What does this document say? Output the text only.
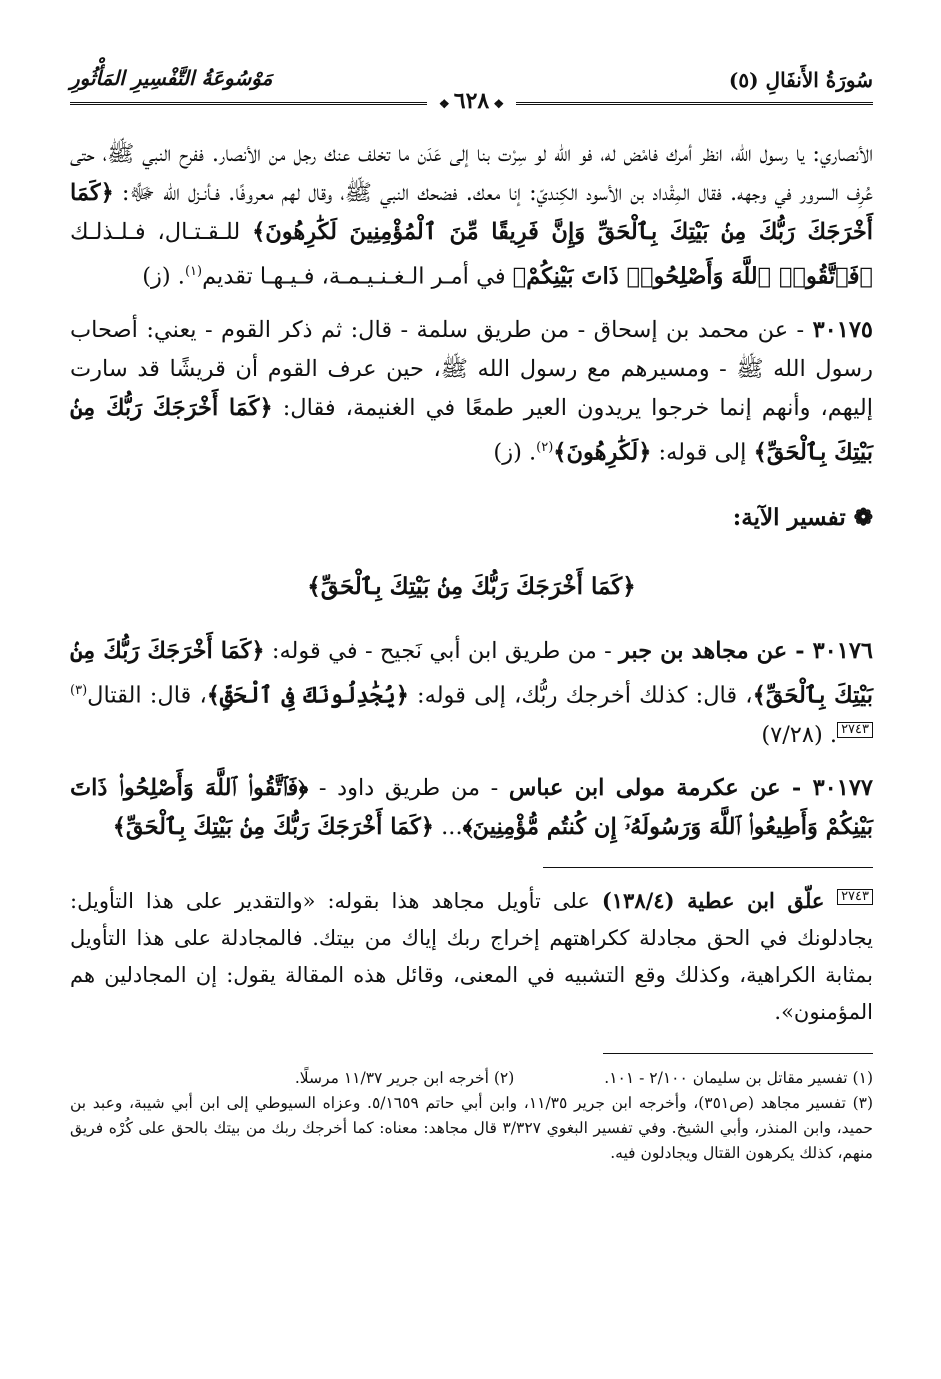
سُورَةُ الأَنفَالِ (٥)
❖ ٦٢٨ ❖
مَوْسُوعَةُ التَّفْسِيرِ المَأْثُورِ

الأنصاري: يا رسول الله، انظر أمرك فامْض له، فو الله لو سِرْت بنا إلى عَدَن ما تخلف عنك رجل من الأنصار. ففرح النبي ﷺ، حتى عُرِف السرور في وجهه. فقال المِقْداد بن الأسود الكِنديّ: إنا معك. فضحك النبي ﷺ، وقال لهم معروفًا. فـأنـزل الله ﷻ: ﴿كَمَا أَخْرَجَكَ رَبُّكَ مِنۢ بَيْتِكَ بِٱلْحَقِّ وَإِنَّ فَرِيقًا مِّنَ ٱلْمُؤْمِنِينَ لَكَٰرِهُونَ﴾ للـقـتـال، فـلـذلـك ﴿فَٱتَّقُوا۟ ٱللَّهَ وَأَصْلِحُوا۟ ذَاتَ بَيْنِكُمْ﴾ في أمـر الـغـنـيـمـة، فـيـهـا تقديم$^{(١)}$. (ز)

٣٠١٧٥ - عن محمد بن إسحاق - من طريق سلمة - قال: ثم ذكر القوم - يعني: أصحاب رسول الله ﷺ - ومسيرهم مع رسول الله ﷺ، حين عرف القوم أن قريشًا قد سارت إليهم، وأنهم إنما خرجوا يريدون العير طمعًا في الغنيمة، فقال: ﴿كَمَا أَخْرَجَكَ رَبُّكَ مِنۢ بَيْتِكَ بِٱلْحَقِّ﴾ إلى قوله: ﴿لَكَٰرِهُونَ﴾$^{(٢)}$. (ز)

❁ تفسير الآية:
﴿كَمَا أَخْرَجَكَ رَبُّكَ مِنۢ بَيْتِكَ بِٱلْحَقِّ﴾

٣٠١٧٦ - عن مجاهد بن جبر - من طريق ابن أبي نَجيح - في قوله: ﴿كَمَا أَخْرَجَكَ رَبُّكَ مِنۢ بَيْتِكَ بِٱلْحَقِّ﴾، قال: كذلك أخرجك ربُّك، إلى قوله: ﴿يُجَٰدِلُونَكَ فِى ٱلْحَقِّ﴾، قال: القتال$^{(٣)}$٢٧٤٣. (٧/٢٨)

٣٠١٧٧ - عن عكرمة مولى ابن عباس - من طريق داود - ﴿فَٱتَّقُوا۟ ٱللَّهَ وَأَصْلِحُوا۟ ذَاتَ بَيْنِكُمْ وَأَطِيعُوا۟ ٱللَّهَ وَرَسُولَهُۥٓ إِن كُنتُم مُّؤْمِنِينَ﴾... ﴿كَمَا أَخْرَجَكَ رَبُّكَ مِنۢ بَيْتِكَ بِٱلْحَقِّ﴾

٢٧٤٣ علّق ابن عطية (١٣٨/٤) على تأويل مجاهد هذا بقوله: «والتقدير على هذا التأويل: يجادلونك في الحق مجادلة ككراهتهم إخراج ربك إياك من بيتك. فالمجادلة على هذا التأويل بمثابة الكراهية، وكذلك وقع التشبيه في المعنى، وقائل هذه المقالة يقول: إن المجادلين هم المؤمنون».
(١) تفسير مقاتل بن سليمان ٢/١٠٠ - ١٠١.
(٢) أخرجه ابن جرير ١١/٣٧ مرسلًا.
(٣) تفسير مجاهد (ص٣٥١)، وأخرجه ابن جرير ١١/٣٥، وابن أبي حاتم ٥/١٦٥٩. وعزاه السيوطي إلى ابن أبي شيبة، وعبد بن حميد، وابن المنذر، وأبي الشيخ. وفي تفسير البغوي ٣/٣٢٧ قال مجاهد: معناه: كما أخرجك ربك من بيتك بالحق على كُرْه فريق منهم، كذلك يكرهون القتال ويجادلون فيه.
